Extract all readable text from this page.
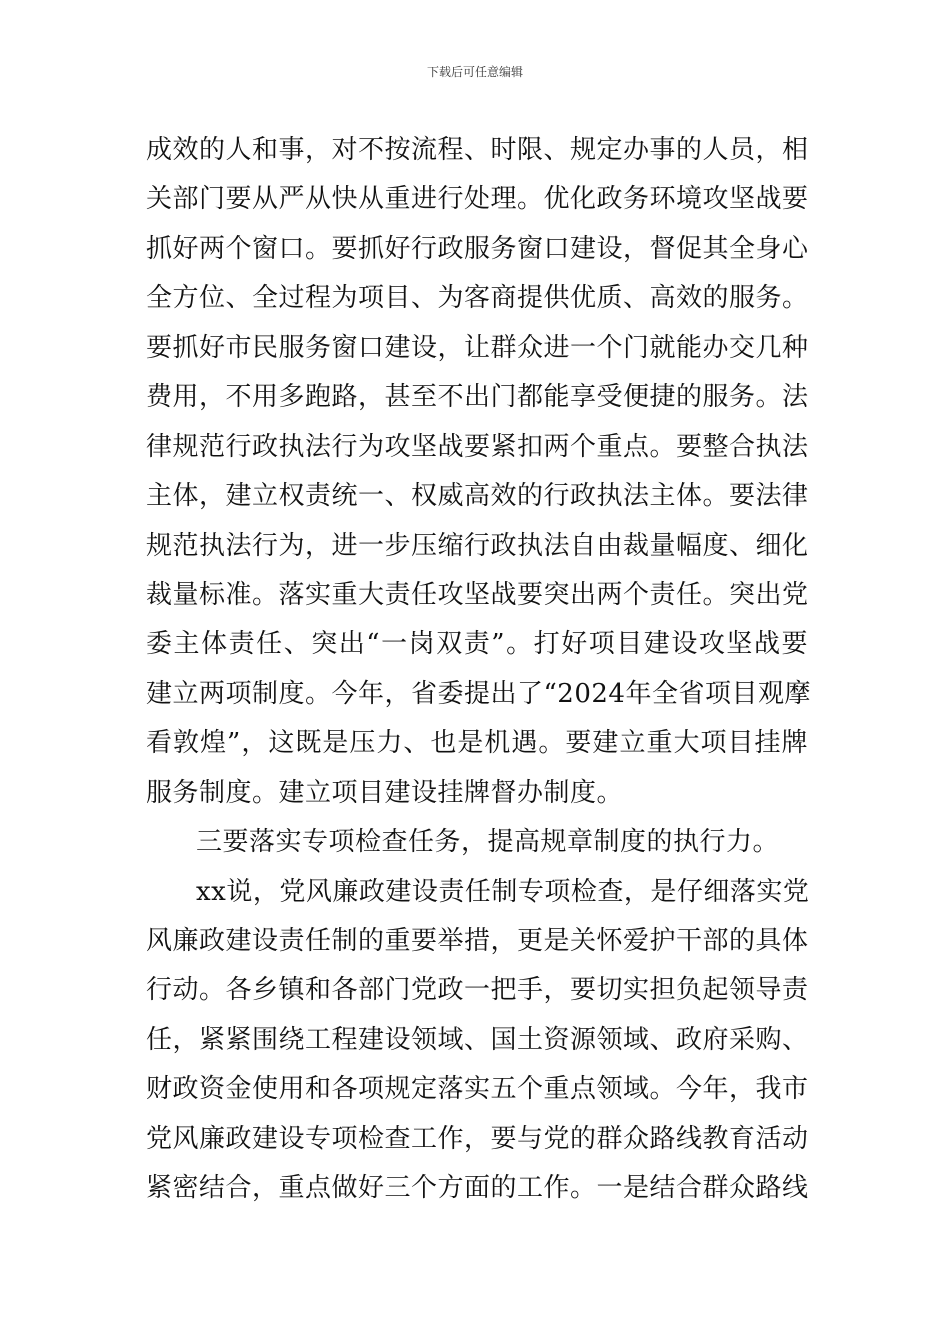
下载后可任意编辑
成效的人和事，对不按流程、时限、规定办事的人员，相
关部门要从严从快从重进行处理。优化政务环境攻坚战要
抓好两个窗口。要抓好行政服务窗口建设，督促其全身心
全方位、全过程为项目、为客商提供优质、高效的服务。
要抓好市民服务窗口建设，让群众进一个门就能办交几种
费用，不用多跑路，甚至不出门都能享受便捷的服务。法
律规范行政执法行为攻坚战要紧扣两个重点。要整合执法
主体，建立权责统一、权威高效的行政执法主体。要法律
规范执法行为，进一步压缩行政执法自由裁量幅度、细化
裁量标准。落实重大责任攻坚战要突出两个责任。突出党
委主体责任、突出“一岗双责”。打好项目建设攻坚战要
建立两项制度。今年，省委提出了“2024年全省项目观摩
看敦煌”，这既是压力、也是机遇。要建立重大项目挂牌
服务制度。建立项目建设挂牌督办制度。
三要落实专项检查任务，提高规章制度的执行力。
xx说，党风廉政建设责任制专项检查，是仔细落实党
风廉政建设责任制的重要举措，更是关怀爱护干部的具体
行动。各乡镇和各部门党政一把手，要切实担负起领导责
任，紧紧围绕工程建设领域、国土资源领域、政府采购、
财政资金使用和各项规定落实五个重点领域。今年，我市
党风廉政建设专项检查工作，要与党的群众路线教育活动
紧密结合，重点做好三个方面的工作。一是结合群众路线
